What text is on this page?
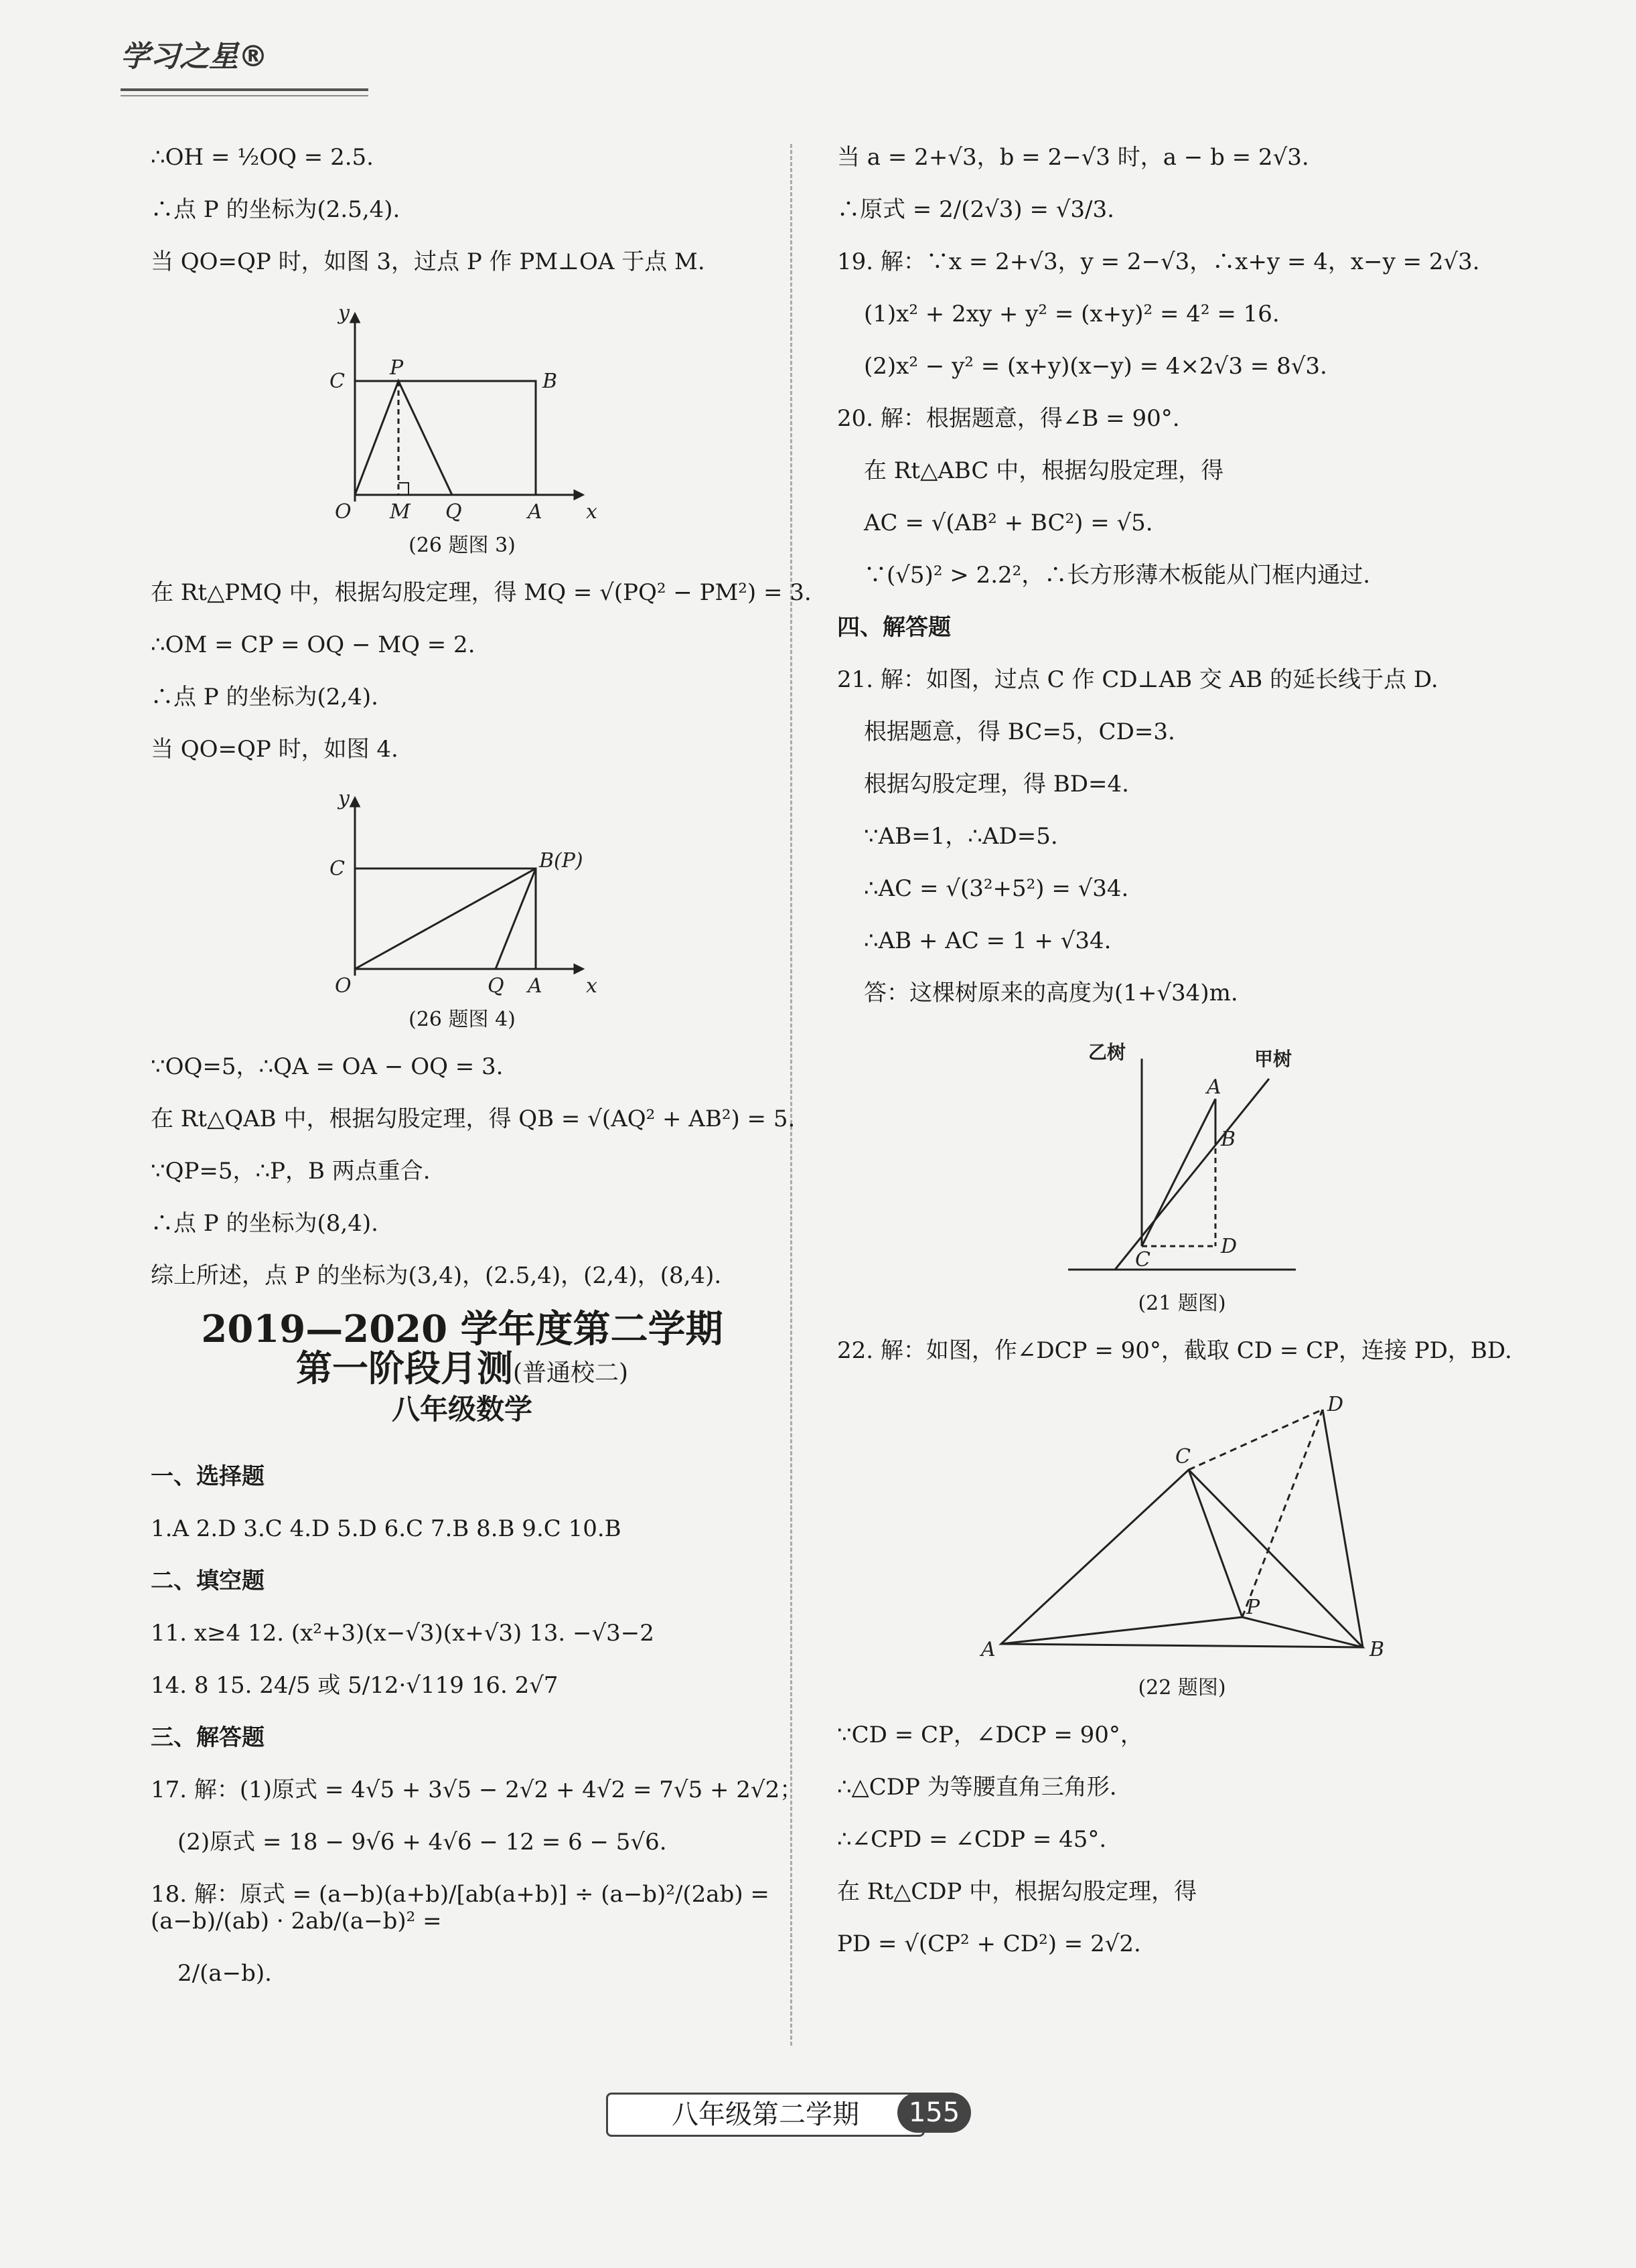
学习之星®
∴OH = ½OQ = 2.5.
∴点 P 的坐标为(2.5,4).
当 QO=QP 时，如图 3，过点 P 作 PM⊥OA 于点 M.
y
C
P
B
O M Q	A x
(26 题图 3)
在 Rt△PMQ 中，根据勾股定理，得 MQ = √(PQ² − PM²) = 3.
∴OM = CP = OQ − MQ = 2.
∴点 P 的坐标为(2,4).
当 QO=QP 时，如图 4.
y
C	B(P)
O	Q A x
(26 题图 4)
∵OQ=5，∴QA = OA − OQ = 3.
在 Rt△QAB 中，根据勾股定理，得 QB = √(AQ² + AB²) = 5.
∵QP=5，∴P，B 两点重合.
∴点 P 的坐标为(8,4).
综上所述，点 P 的坐标为(3,4)，(2.5,4)，(2,4)，(8,4).
2019—2020 学年度第二学期
第一阶段月测(普通校二)
八年级数学
一、选择题
1.A 2.D 3.C 4.D 5.D 6.C 7.B 8.B 9.C 10.B
二、填空题
11. x≥4 12. (x²+3)(x−√3)(x+√3) 13. −√3−2
14. 8 15. 24/5 或 5/12·√119 16. 2√7
三、解答题
17. 解：(1)原式 = 4√5 + 3√5 − 2√2 + 4√2 = 7√5 + 2√2；
(2)原式 = 18 − 9√6 + 4√6 − 12 = 6 − 5√6.
18. 解：原式 = (a−b)(a+b)/[ab(a+b)] ÷ (a−b)²/(2ab) = (a−b)/(ab) · 2ab/(a−b)² =
2/(a−b).
当 a = 2+√3，b = 2−√3 时，a − b = 2√3.
∴原式 = 2/(2√3) = √3/3.
19. 解：∵x = 2+√3，y = 2−√3，∴x+y = 4，x−y = 2√3.
(1)x² + 2xy + y² = (x+y)² = 4² = 16.
(2)x² − y² = (x+y)(x−y) = 4×2√3 = 8√3.
20. 解：根据题意，得∠B = 90°.
在 Rt△ABC 中，根据勾股定理，得
AC = √(AB² + BC²) = √5.
∵(√5)² > 2.2²，∴长方形薄木板能从门框内通过.
四、解答题
21. 解：如图，过点 C 作 CD⊥AB 交 AB 的延长线于点 D.
根据题意，得 BC=5，CD=3.
根据勾股定理，得 BD=4.
∵AB=1，∴AD=5.
∴AC = √(3²+5²) = √34.
∴AB + AC = 1 + √34.
答：这棵树原来的高度为(1+√34)m.
乙树	甲树
A
B
C
D
(21 题图)
22. 解：如图，作∠DCP = 90°，截取 CD = CP，连接 PD，BD.
A
C
D
P
B
(22 题图)
∵CD = CP，∠DCP = 90°，
∴△CDP 为等腰直角三角形.
∴∠CPD = ∠CDP = 45°.
在 Rt△CDP 中，根据勾股定理，得
PD = √(CP² + CD²) = 2√2.
八年级第二学期	155
